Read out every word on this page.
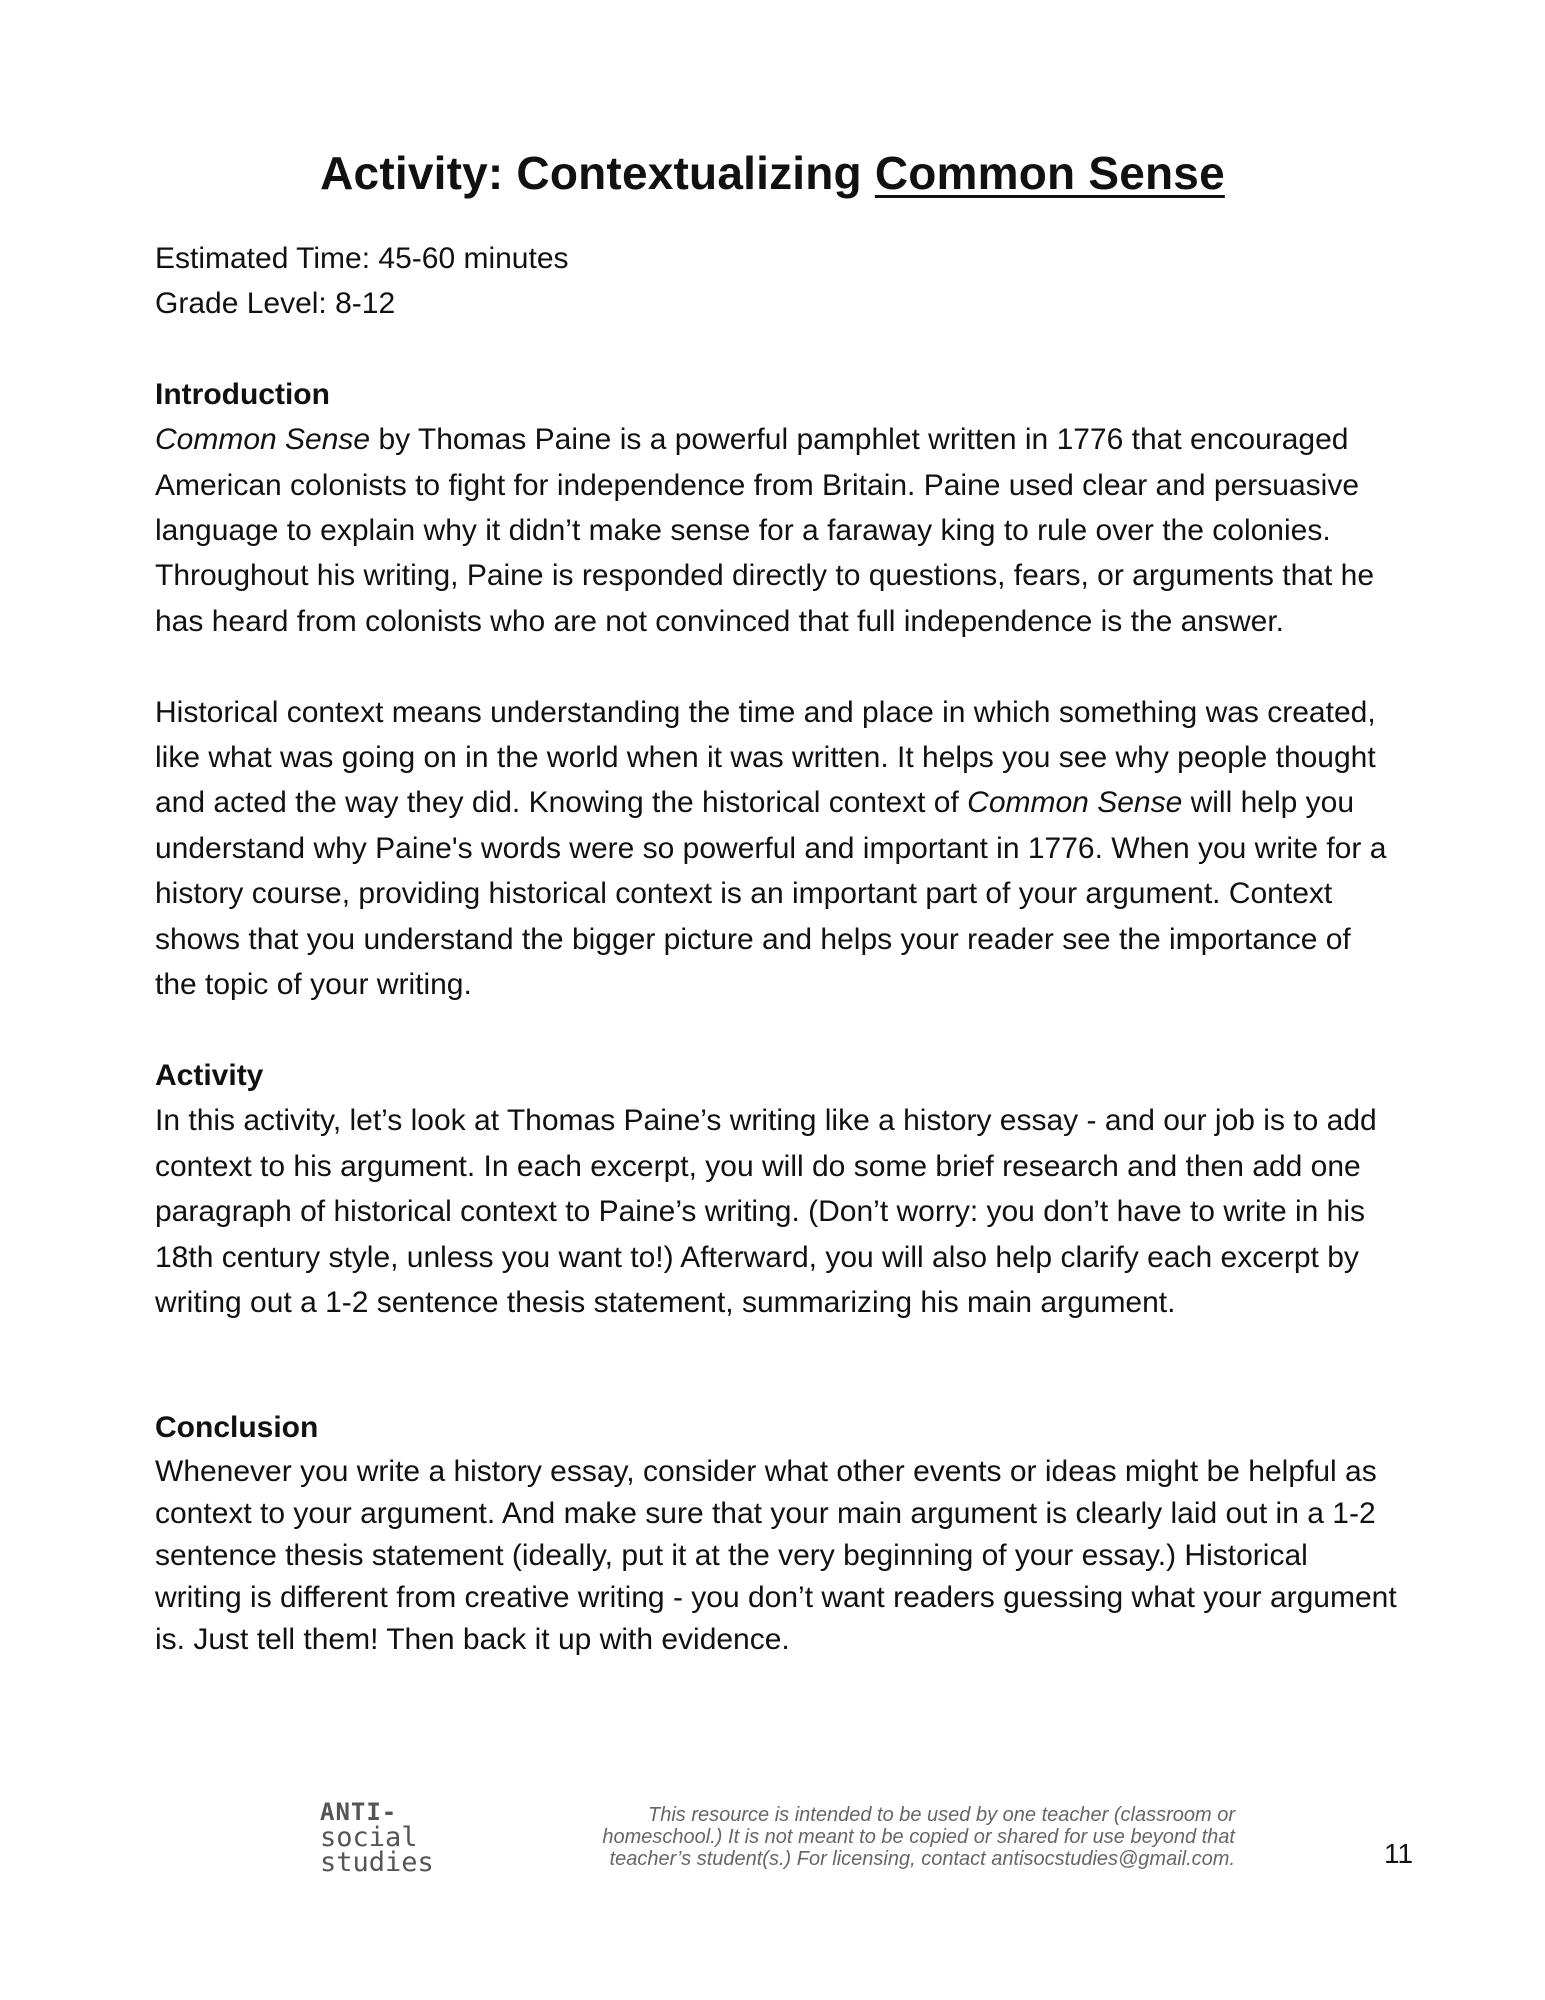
Activity: Contextualizing Common Sense

Estimated Time: 45-60 minutes

Grade Level: 8-12

Introduction

Common Sense by Thomas Paine is a powerful pamphlet written in 1776 that encouraged American colonists to fight for independence from Britain. Paine used clear and persuasive language to explain why it didn’t make sense for a faraway king to rule over the colonies. Throughout his writing, Paine is responded directly to questions, fears, or arguments that he has heard from colonists who are not convinced that full independence is the answer.

Historical context means understanding the time and place in which something was created, like what was going on in the world when it was written. It helps you see why people thought and acted the way they did. Knowing the historical context of Common Sense will help you understand why Paine's words were so powerful and important in 1776. When you write for a history course, providing historical context is an important part of your argument. Context shows that you understand the bigger picture and helps your reader see the importance of the topic of your writing.

Activity

In this activity, let’s look at Thomas Paine’s writing like a history essay - and our job is to add context to his argument. In each excerpt, you will do some brief research and then add one paragraph of historical context to Paine’s writing. (Don’t worry: you don’t have to write in his 18th century style, unless you want to!) Afterward, you will also help clarify each excerpt by writing out a 1-2 sentence thesis statement, summarizing his main argument.

Conclusion

Whenever you write a history essay, consider what other events or ideas might be helpful as context to your argument. And make sure that your main argument is clearly laid out in a 1-2 sentence thesis statement (ideally, put it at the very beginning of your essay.) Historical writing is different from creative writing - you don’t want readers guessing what your argument is. Just tell them! Then back it up with evidence.

ANTI-
social
studies
This resource is intended to be used by one teacher (classroom or
homeschool.) It is not meant to be copied or shared for use beyond that
teacher’s student(s.) For licensing, contact antisocstudies@gmail.com.	11
